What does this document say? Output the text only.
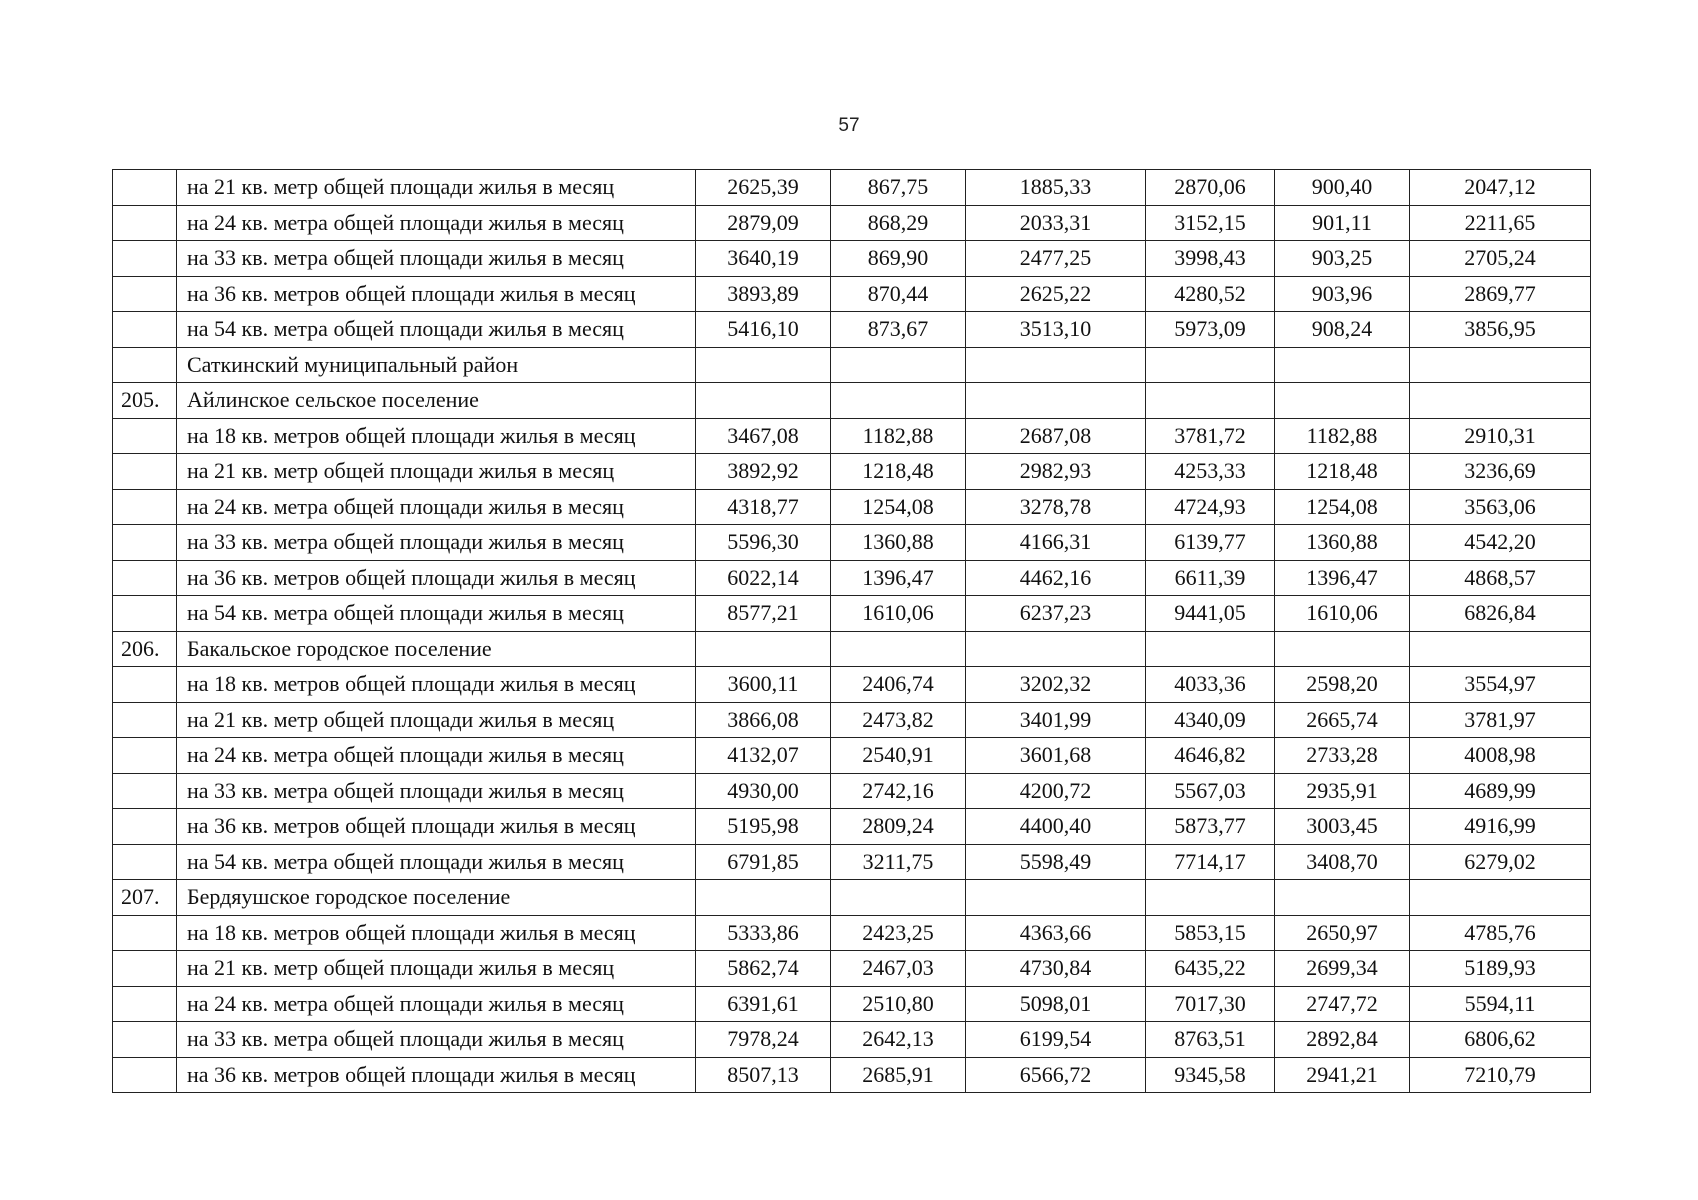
57
	на 21 кв. метр общей площади жилья в месяц	2625,39	867,75	1885,33	2870,06	900,40	2047,12
	на 24 кв. метра общей площади жилья в месяц	2879,09	868,29	2033,31	3152,15	901,11	2211,65
	на 33 кв. метра общей площади жилья в месяц	3640,19	869,90	2477,25	3998,43	903,25	2705,24
	на 36 кв. метров общей площади жилья в месяц	3893,89	870,44	2625,22	4280,52	903,96	2869,77
	на 54 кв. метра общей площади жилья в месяц	5416,10	873,67	3513,10	5973,09	908,24	3856,95
	Саткинский муниципальный район						
205.	Айлинское сельское поселение						
	на 18 кв. метров общей площади жилья в месяц	3467,08	1182,88	2687,08	3781,72	1182,88	2910,31
	на 21 кв. метр общей площади жилья в месяц	3892,92	1218,48	2982,93	4253,33	1218,48	3236,69
	на 24 кв. метра общей площади жилья в месяц	4318,77	1254,08	3278,78	4724,93	1254,08	3563,06
	на 33 кв. метра общей площади жилья в месяц	5596,30	1360,88	4166,31	6139,77	1360,88	4542,20
	на 36 кв. метров общей площади жилья в месяц	6022,14	1396,47	4462,16	6611,39	1396,47	4868,57
	на 54 кв. метра общей площади жилья в месяц	8577,21	1610,06	6237,23	9441,05	1610,06	6826,84
206.	Бакальское городское поселение						
	на 18 кв. метров общей площади жилья в месяц	3600,11	2406,74	3202,32	4033,36	2598,20	3554,97
	на 21 кв. метр общей площади жилья в месяц	3866,08	2473,82	3401,99	4340,09	2665,74	3781,97
	на 24 кв. метра общей площади жилья в месяц	4132,07	2540,91	3601,68	4646,82	2733,28	4008,98
	на 33 кв. метра общей площади жилья в месяц	4930,00	2742,16	4200,72	5567,03	2935,91	4689,99
	на 36 кв. метров общей площади жилья в месяц	5195,98	2809,24	4400,40	5873,77	3003,45	4916,99
	на 54 кв. метра общей площади жилья в месяц	6791,85	3211,75	5598,49	7714,17	3408,70	6279,02
207.	Бердяушское городское поселение						
	на 18 кв. метров общей площади жилья в месяц	5333,86	2423,25	4363,66	5853,15	2650,97	4785,76
	на 21 кв. метр общей площади жилья в месяц	5862,74	2467,03	4730,84	6435,22	2699,34	5189,93
	на 24 кв. метра общей площади жилья в месяц	6391,61	2510,80	5098,01	7017,30	2747,72	5594,11
	на 33 кв. метра общей площади жилья в месяц	7978,24	2642,13	6199,54	8763,51	2892,84	6806,62
	на 36 кв. метров общей площади жилья в месяц	8507,13	2685,91	6566,72	9345,58	2941,21	7210,79
